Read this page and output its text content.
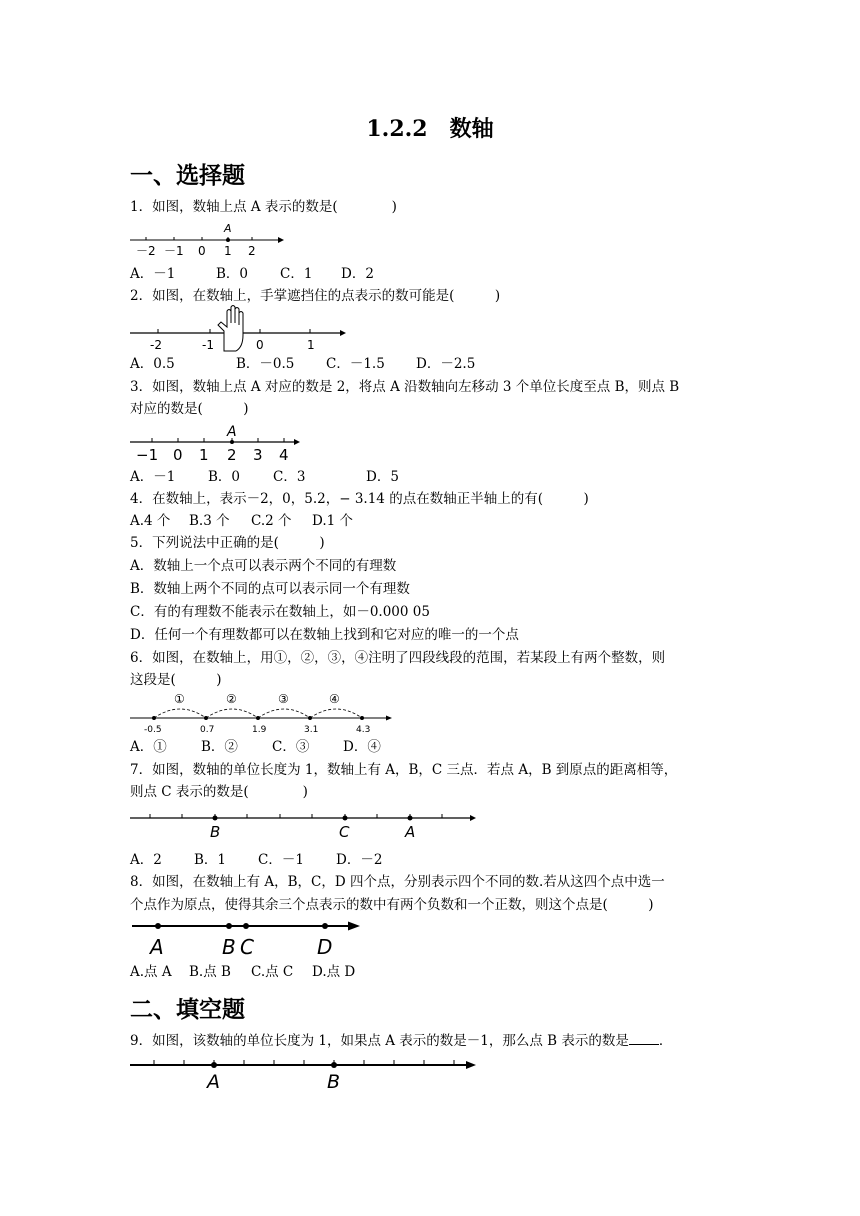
1.2.2　数轴
一、选择题
1．如图，数轴上点 A 表示的数是(　　　　)
A
－2 －1 0 1 2
A．－1	B．0 C．1 D．2
2．如图，在数轴上，手掌遮挡住的点表示的数可能是(　　　)
-2	-1	0	1
A．0.5	B．－0.5 C．－1.5 D．－2.5
3．如图，数轴上点 A 对应的数是 2，将点 A 沿数轴向左移动 3 个单位长度至点 B，则点 B
对应的数是(　　　)
A
−1 0 1 2 3 4
A．－1 B．0 C．3	D．5
4．在数轴上，表示－2，0，5.2，− 3.14 的点在数轴正半轴上的有(　　　)
A.4 个 B.3 个 C.2 个 D.1 个
5．下列说法中正确的是(　　　)
A．数轴上一个点可以表示两个不同的有理数
B．数轴上两个不同的点可以表示同一个有理数
C．有的有理数不能表示在数轴上，如－0.000 05
D．任何一个有理数都可以在数轴上找到和它对应的唯一的一个点
6．如图，在数轴上，用①，②，③，④注明了四段线段的范围，若某段上有两个整数，则
这段是(　　　)
①	②	③	④
-0.5	0.7	1.9	3.1	4.3
A．①	B．②	C．③ D．④
7．如图，数轴的单位长度为 1，数轴上有 A，B，C 三点．若点 A，B 到原点的距离相等，
则点 C 表示的数是(　　　　)
B	C	A
A．2 B．1 C．－1 D．－2
8．如图，在数轴上有 A，B，C，D 四个点，分别表示四个不同的数.若从这四个点中选一
个点作为原点，使得其余三个点表示的数中有两个负数和一个正数，则这个点是(　　　)
A	B C	D
A.点 A B.点 B C.点 C D.点 D
二、填空题
9．如图，该数轴的单位长度为 1，如果点 A 表示的数是－1，那么点 B 表示的数是 ．
A	B
